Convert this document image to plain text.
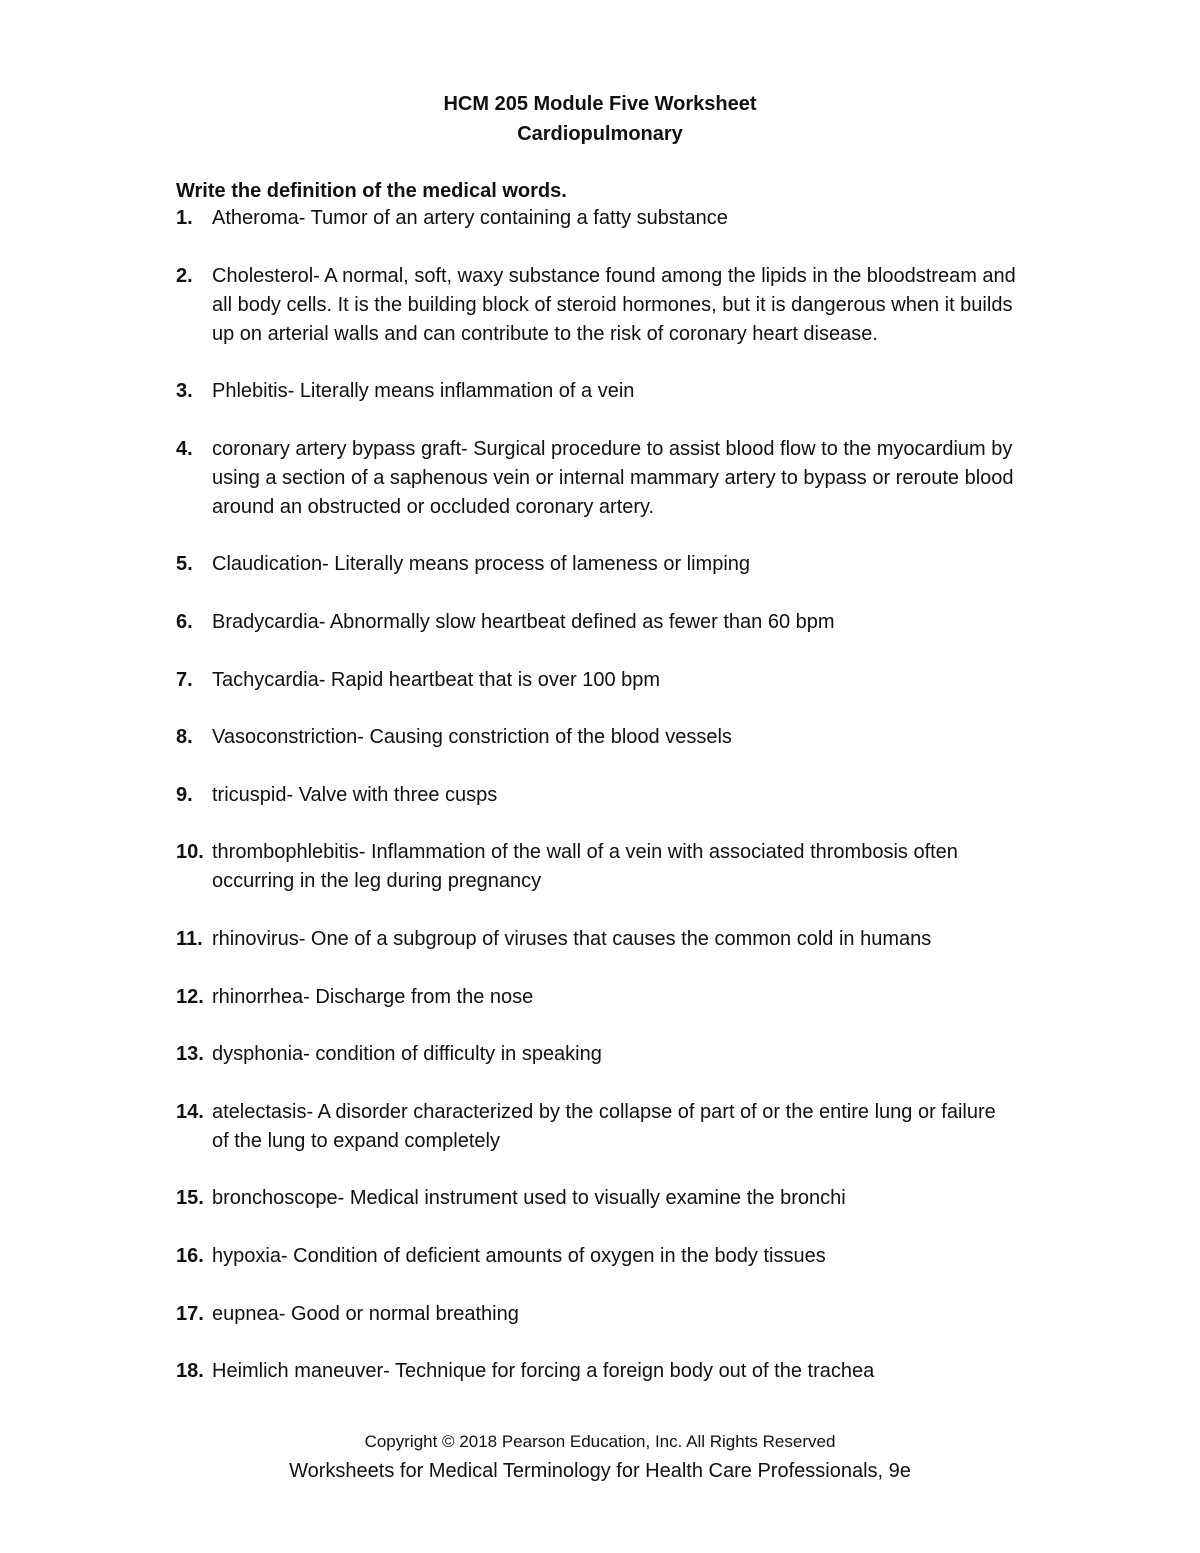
HCM 205 Module Five Worksheet
Cardiopulmonary
Write the definition of the medical words.
1. Atheroma- Tumor of an artery containing a fatty substance
2. Cholesterol- A normal, soft, waxy substance found among the lipids in the bloodstream and all body cells. It is the building block of steroid hormones, but it is dangerous when it builds up on arterial walls and can contribute to the risk of coronary heart disease.
3. Phlebitis- Literally means inflammation of a vein
4. coronary artery bypass graft- Surgical procedure to assist blood flow to the myocardium by using a section of a saphenous vein or internal mammary artery to bypass or reroute blood around an obstructed or occluded coronary artery.
5. Claudication- Literally means process of lameness or limping
6. Bradycardia- Abnormally slow heartbeat defined as fewer than 60 bpm
7. Tachycardia- Rapid heartbeat that is over 100 bpm
8. Vasoconstriction- Causing constriction of the blood vessels
9. tricuspid- Valve with three cusps
10. thrombophlebitis- Inflammation of the wall of a vein with associated thrombosis often occurring in the leg during pregnancy
11. rhinovirus- One of a subgroup of viruses that causes the common cold in humans
12. rhinorrhea- Discharge from the nose
13. dysphonia- condition of difficulty in speaking
14. atelectasis- A disorder characterized by the collapse of part of or the entire lung or failure of the lung to expand completely
15. bronchoscope- Medical instrument used to visually examine the bronchi
16. hypoxia- Condition of deficient amounts of oxygen in the body tissues
17. eupnea- Good or normal breathing
18. Heimlich maneuver- Technique for forcing a foreign body out of the trachea
Copyright © 2018 Pearson Education, Inc. All Rights Reserved
Worksheets for Medical Terminology for Health Care Professionals, 9e
